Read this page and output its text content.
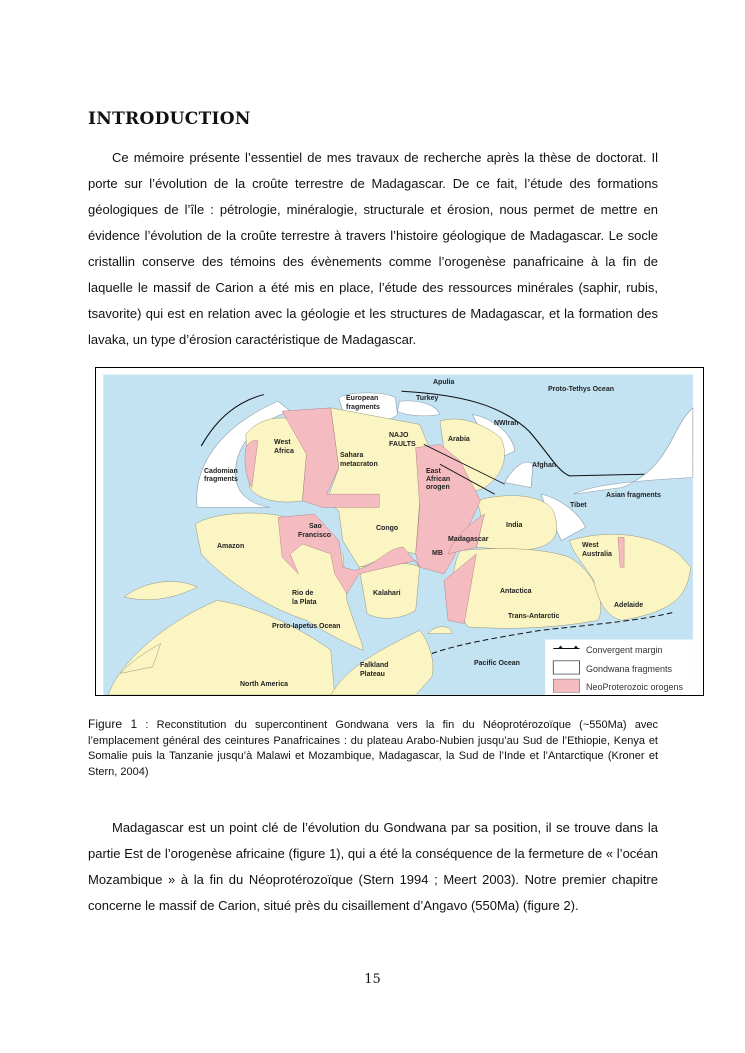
INTRODUCTION
Ce mémoire présente l’essentiel de mes travaux de recherche après la thèse de doctorat. Il porte sur l’évolution de la croûte terrestre de Madagascar. De ce fait, l’étude des formations géologiques de l’île : pétrologie, minéralogie, structurale et érosion, nous permet de mettre en évidence l’évolution de la croûte terrestre à travers l’histoire géologique de Madagascar. Le socle cristallin conserve des témoins des évènements comme l’orogenèse panafricaine à la fin de laquelle le massif de Carion a été mis en place, l’étude des ressources minérales (saphir, rubis, tsavorite) qui est en relation avec la géologie et les structures de Madagascar, et la formation des lavaka, un type d’érosion caractéristique de Madagascar.
Apulia
Turkey
Proto-Tethys Ocean
NWIran
Afghan
Tibet
European
fragments
Cadomian fragments
West
Africa
NAJO
FAULTS
Sahara
metacraton
Arabia
Asian fragments
East African orogen
Madagascar
India
Congo
Sao
Francisco
Amazon
MB
West
Australia
Kalahari	Antactica
Rio de
la Plata
Proto-Iapetus Ocean
Trans-Antarctic
Adelaide
Falkland
Plateau
Pacific Ocean
North America
Convergent margin
Gondwana fragments
NeoProterozoic orogens
Figure 1 : Reconstitution du supercontinent Gondwana vers la fin du Néoprotérozoïque (~550Ma) avec l’emplacement général des ceintures Panafricaines : du plateau Arabo-Nubien jusqu’au Sud de l’Ethiopie, Kenya et Somalie puis la Tanzanie jusqu’à Malawi et Mozambique, Madagascar, la Sud de l’Inde et l’Antarctique (Kroner et Stern, 2004)
Madagascar est un point clé de l’évolution du Gondwana par sa position, il se trouve dans la partie Est de l’orogenèse africaine (figure 1), qui a été la conséquence de la fermeture de « l’océan Mozambique » à la fin du Néoprotérozoïque (Stern 1994 ; Meert 2003). Notre premier chapitre concerne le massif de Carion, situé près du cisaillement d’Angavo (550Ma) (figure 2).
15
